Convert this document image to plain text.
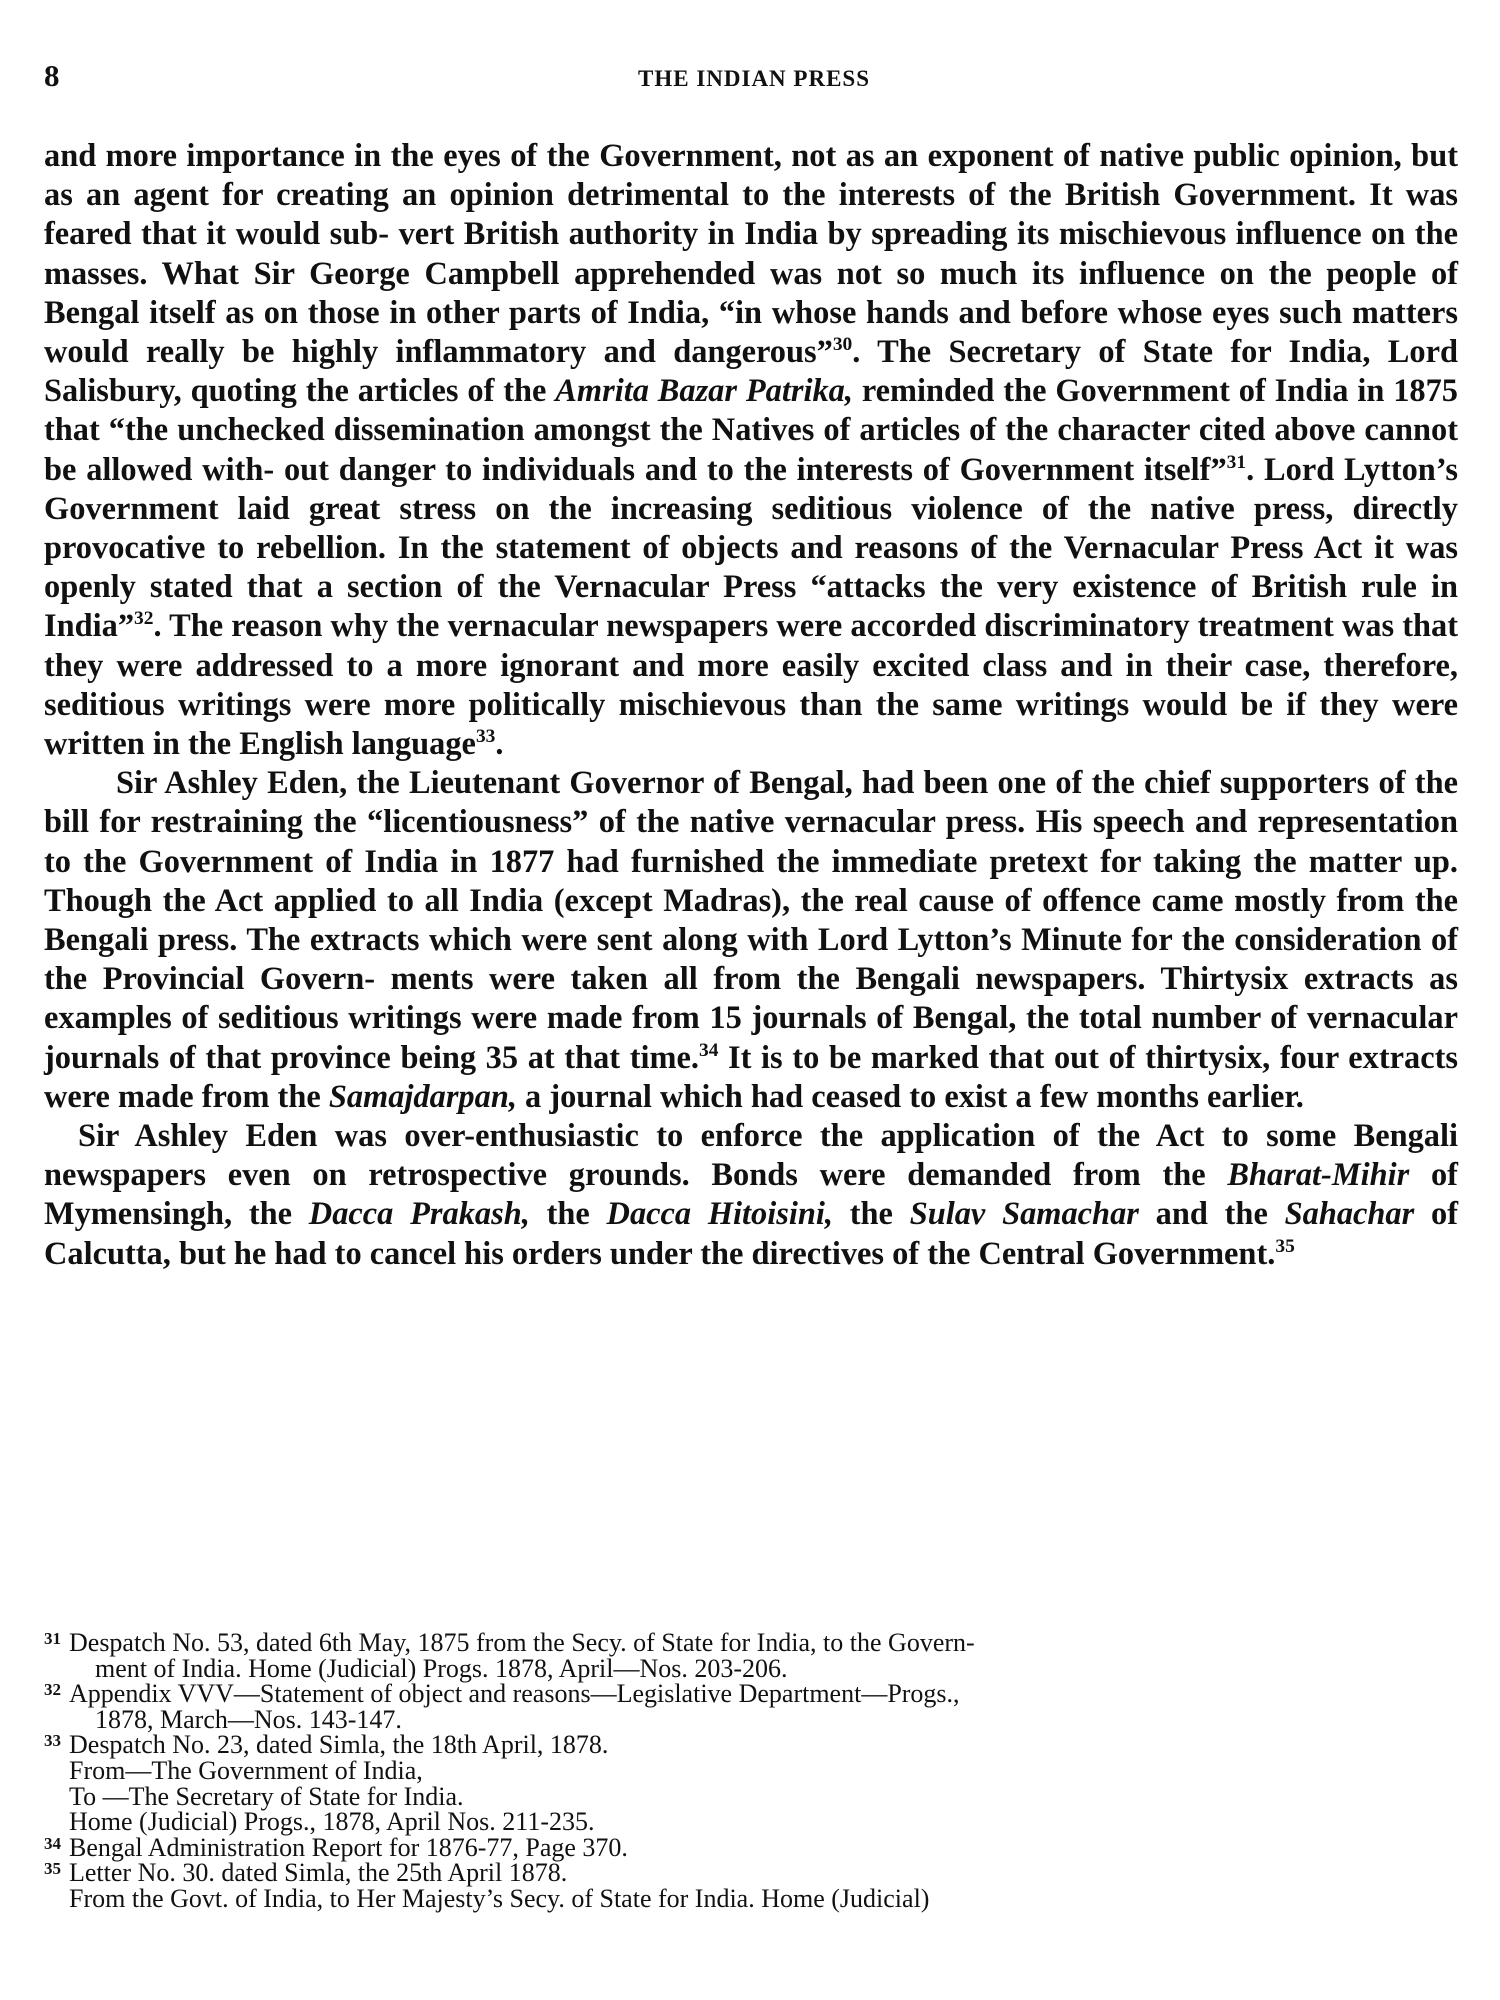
8	THE INDIAN PRESS

and more importance in the eyes of the Government, not as an exponent of native public opinion, but as an agent for creating an opinion detrimental to the interests of the British Government. It was feared that it would sub- vert British authority in India by spreading its mischievous influence on the masses. What Sir George Campbell apprehended was not so much its influence on the people of Bengal itself as on those in other parts of India, “in whose hands and before whose eyes such matters would really be highly inflammatory and dangerous”$^{30}$. The Secretary of State for India, Lord Salisbury, quoting the articles of the Amrita Bazar Patrika, reminded the Government of India in 1875 that “the unchecked dissemination amongst the Natives of articles of the character cited above cannot be allowed with- out danger to individuals and to the interests of Government itself”$^{31}$. Lord Lytton’s Government laid great stress on the increasing seditious violence of the native press, directly provocative to rebellion. In the statement of objects and reasons of the Vernacular Press Act it was openly stated that a section of the Vernacular Press “attacks the very existence of British rule in India”$^{32}$. The reason why the vernacular newspapers were accorded discriminatory treatment was that they were addressed to a more ignorant and more easily excited class and in their case, therefore, seditious writings were more politically mischievous than the same writings would be if they were written in the English language$^{33}$.

Sir Ashley Eden, the Lieutenant Governor of Bengal, had been one of the chief supporters of the bill for restraining the “licentiousness” of the native vernacular press. His speech and representation to the Government of India in 1877 had furnished the immediate pretext for taking the matter up. Though the Act applied to all India (except Madras), the real cause of offence came mostly from the Bengali press. The extracts which were sent along with Lord Lytton’s Minute for the consideration of the Provincial Govern- ments were taken all from the Bengali newspapers. Thirtysix extracts as examples of seditious writings were made from 15 journals of Bengal, the total number of vernacular journals of that province being 35 at that time.$^{34}$ It is to be marked that out of thirtysix, four extracts were made from the Samajdarpan, a journal which had ceased to exist a few months earlier.

Sir Ashley Eden was over-enthusiastic to enforce the application of the Act to some Bengali newspapers even on retrospective grounds. Bonds were demanded from the Bharat-Mihir of Mymensingh, the Dacca Prakash, the Dacca Hitoisini, the Sulav Samachar and the Sahachar of Calcutta, but he had to cancel his orders under the directives of the Central Government.$^{35}$

31 Despatch No. 53, dated 6th May, 1875 from the Secy. of State for India, to the Govern-
ment of India. Home (Judicial) Progs. 1878, April—Nos. 203-206.
32 Appendix VVV—Statement of object and reasons—Legislative Department—Progs.,
1878, March—Nos. 143-147.
33 Despatch No. 23, dated Simla, the 18th April, 1878.
From—The Government of India,
To —The Secretary of State for India.
Home (Judicial) Progs., 1878, April Nos. 211-235.
34 Bengal Administration Report for 1876-77, Page 370.
35 Letter No. 30. dated Simla, the 25th April 1878.
From the Govt. of India, to Her Majesty’s Secy. of State for India. Home (Judicial)
